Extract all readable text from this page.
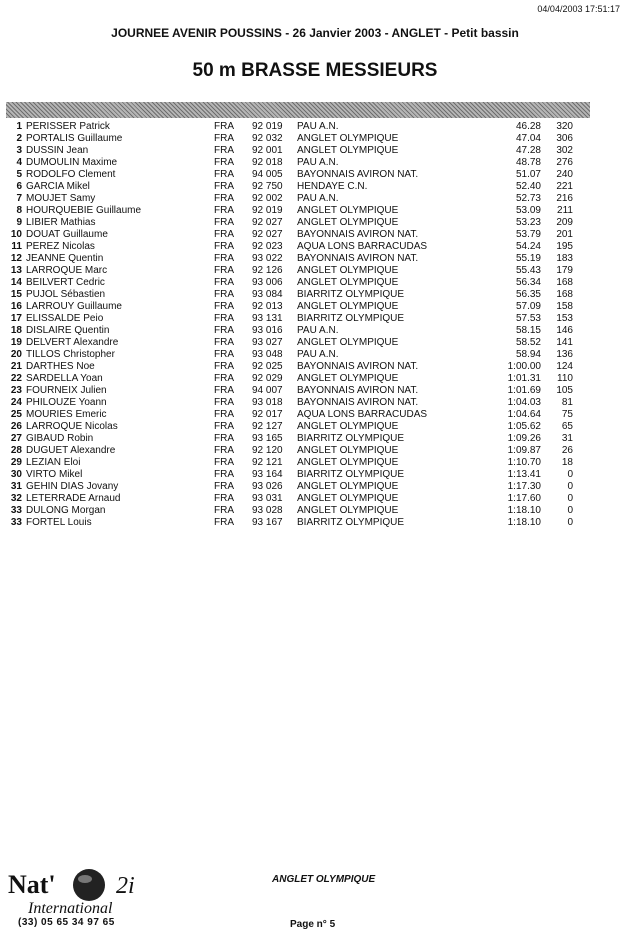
04/04/2003 17:51:17
JOURNEE AVENIR POUSSINS - 26 Janvier 2003 - ANGLET - Petit bassin
50 m BRASSE MESSIEURS
1 PERISSER Patrick	FRA 92 019 PAU A.N.	46.28	320
2 PORTALIS Guillaume	FRA 92 032 ANGLET OLYMPIQUE	47.04	306
3 DUSSIN Jean	FRA 92 001 ANGLET OLYMPIQUE	47.28	302
4 DUMOULIN Maxime	FRA 92 018 PAU A.N.	48.78	276
5 RODOLFO Clement	FRA 94 005 BAYONNAIS AVIRON NAT.	51.07	240
6 GARCIA Mikel	FRA 92 750 HENDAYE C.N.	52.40	221
7 MOUJET Samy	FRA 92 002 PAU A.N.	52.73	216
8 HOURQUEBIE Guillaume	FRA 92 019 ANGLET OLYMPIQUE	53.09	211
9 LIBIER Mathias	FRA 92 027 ANGLET OLYMPIQUE	53.23	209
10 DOUAT Guillaume	FRA 92 027 BAYONNAIS AVIRON NAT.	53.79	201
11 PEREZ Nicolas	FRA 92 023 AQUA LONS BARRACUDAS	54.24	195
12 JEANNE Quentin	FRA 93 022 BAYONNAIS AVIRON NAT.	55.19	183
13 LARROQUE Marc	FRA 92 126 ANGLET OLYMPIQUE	55.43	179
14 BEILVERT Cedric	FRA 93 006 ANGLET OLYMPIQUE	56.34	168
15 PUJOL Sébastien	FRA 93 084 BIARRITZ OLYMPIQUE	56.35	168
16 LARROUY Guillaume	FRA 92 013 ANGLET OLYMPIQUE	57.09	158
17 ELISSALDE Peio	FRA 93 131 BIARRITZ OLYMPIQUE	57.53	153
18 DISLAIRE Quentin	FRA 93 016 PAU A.N.	58.15	146
19 DELVERT Alexandre	FRA 93 027 ANGLET OLYMPIQUE	58.52	141
20 TILLOS Christopher	FRA 93 048 PAU A.N.	58.94	136
21 DARTHES Noe	FRA 92 025 BAYONNAIS AVIRON NAT.	1:00.00	124
22 SARDELLA Yoan	FRA 92 029 ANGLET OLYMPIQUE	1:01.31	110
23 FOURNEIX Julien	FRA 94 007 BAYONNAIS AVIRON NAT.	1:01.69	105
24 PHILOUZE Yoann	FRA 93 018 BAYONNAIS AVIRON NAT.	1:04.03	81
25 MOURIES Emeric	FRA 92 017 AQUA LONS BARRACUDAS	1:04.64	75
26 LARROQUE Nicolas	FRA 92 127 ANGLET OLYMPIQUE	1:05.62	65
27 GIBAUD Robin	FRA 93 165 BIARRITZ OLYMPIQUE	1:09.26	31
28 DUGUET Alexandre	FRA 92 120 ANGLET OLYMPIQUE	1:09.87	26
29 LEZIAN Eloi	FRA 92 121 ANGLET OLYMPIQUE	1:10.70	18
30 VIRTO Mikel	FRA 93 164 BIARRITZ OLYMPIQUE	1:13.41	0
31 GEHIN DIAS Jovany	FRA 93 026 ANGLET OLYMPIQUE	1:17.30	0
32 LETERRADE Arnaud	FRA 93 031 ANGLET OLYMPIQUE	1:17.60	0
33 DULONG Morgan	FRA 93 028 ANGLET OLYMPIQUE	1:18.10	0
33 FORTEL Louis	FRA 93 167 BIARRITZ OLYMPIQUE	1:18.10	0
Nat'	2i
International
(33) 05 65 34 97 65
ANGLET OLYMPIQUE
Page n° 5
